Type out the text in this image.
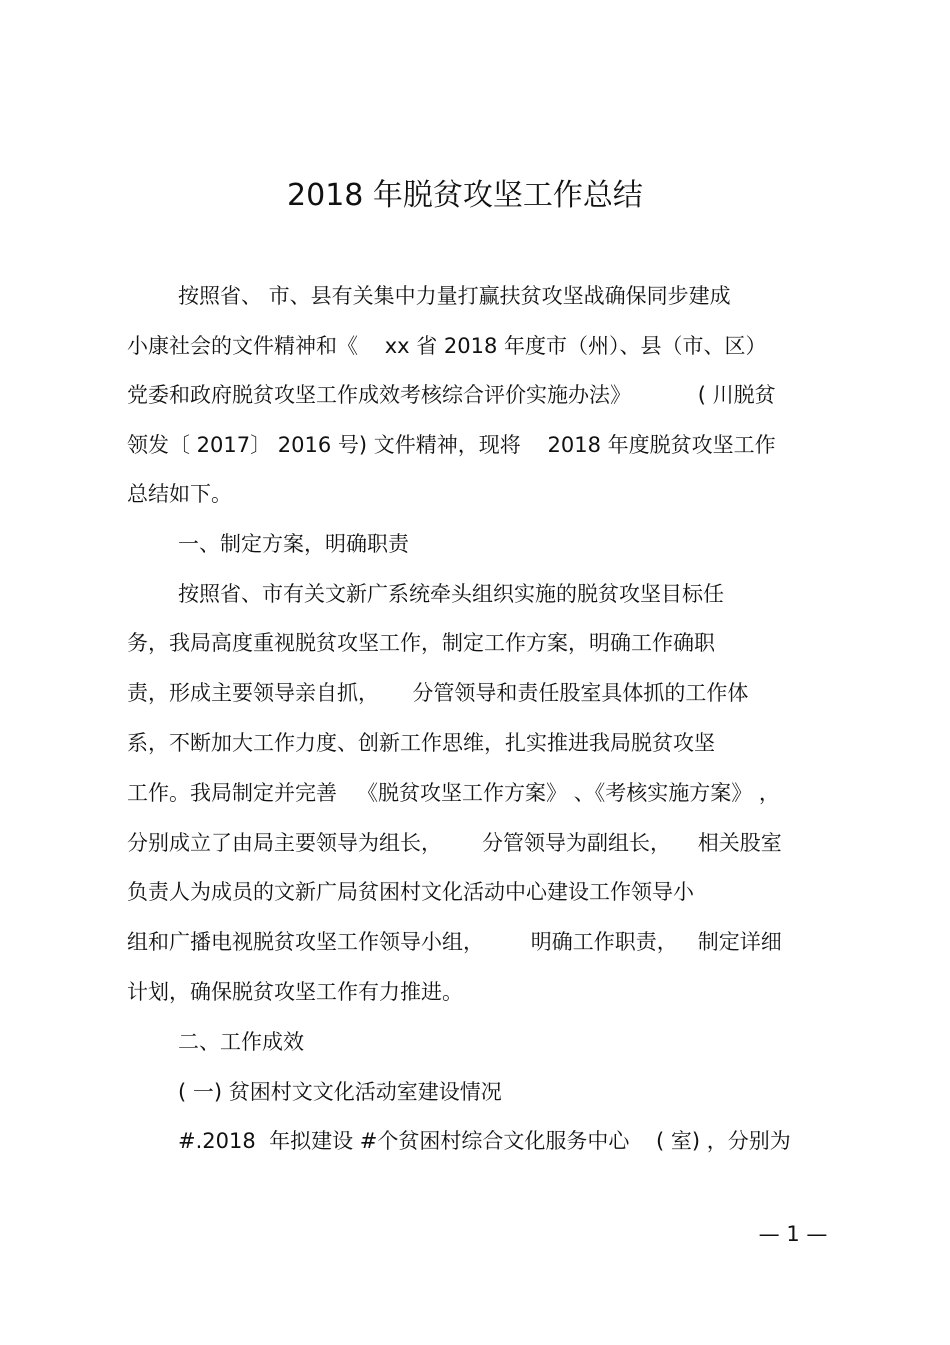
2018 年脱贫攻坚工作总结
按照省、 市、县有关集中力量打赢扶贫攻坚战确保同步建成
小康社会的文件精神和《    xx 省 2018 年度市（州）、县（市、区）
党委和政府脱贫攻坚工作成效考核综合评价实施办法》          ( 川脱贫
领发〔 2017〕 2016 号) 文件精神，现将    2018 年度脱贫攻坚工作
总结如下。
一、制定方案，明确职责
按照省、市有关文新广系统牵头组织实施的脱贫攻坚目标任
务，我局高度重视脱贫攻坚工作，制定工作方案，明确工作确职
责，形成主要领导亲自抓，     分管领导和责任股室具体抓的工作体
系，不断加大工作力度、创新工作思维，扎实推进我局脱贫攻坚
工作。我局制定并完善   《脱贫攻坚工作方案》 、《考核实施方案》 ，
分别成立了由局主要领导为组长，      分管领导为副组长，    相关股室
负责人为成员的文新广局贫困村文化活动中心建设工作领导小
组和广播电视脱贫攻坚工作领导小组，       明确工作职责，   制定详细
计划，确保脱贫攻坚工作有力推进。
二、工作成效
( 一) 贫困村文文化活动室建设情况
#.2018  年拟建设 #个贫困村综合文化服务中心    ( 室) ，分别为
— 1 —
